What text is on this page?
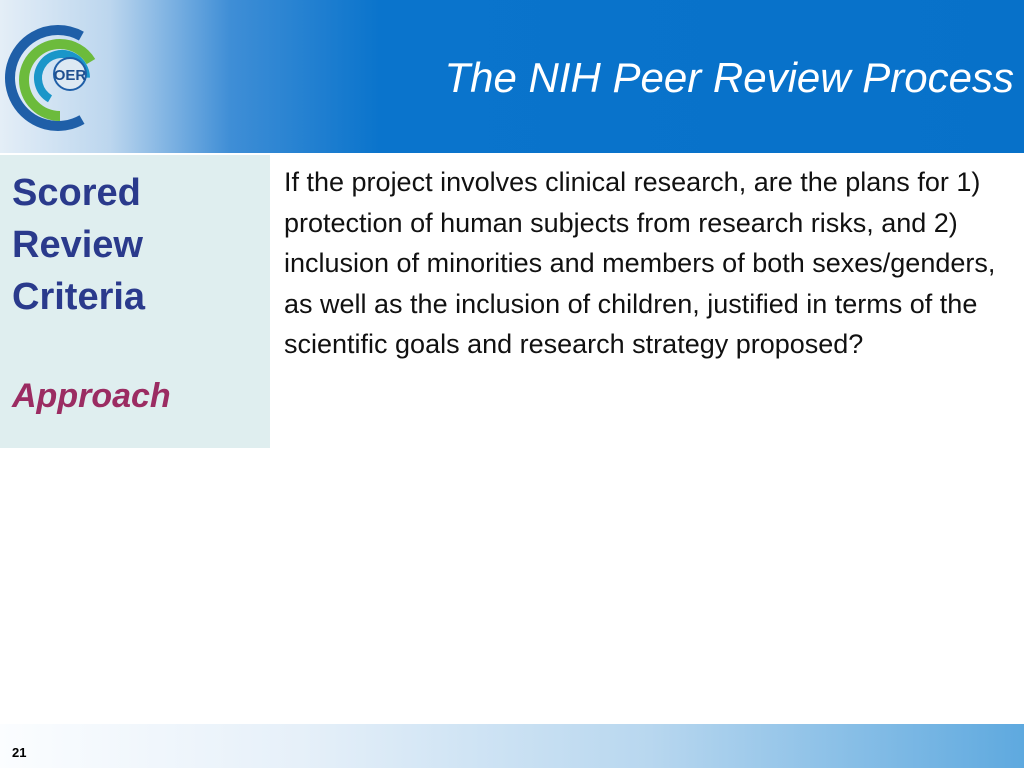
OER	The NIH Peer Review Process
Scored
Review
Criteria
Approach
If the project involves clinical research, are the plans for 1) protection of human subjects from research risks, and 2) inclusion of minorities and members of both sexes/genders, as well as the inclusion of children, justified in terms of the scientific goals and research strategy proposed?
21
